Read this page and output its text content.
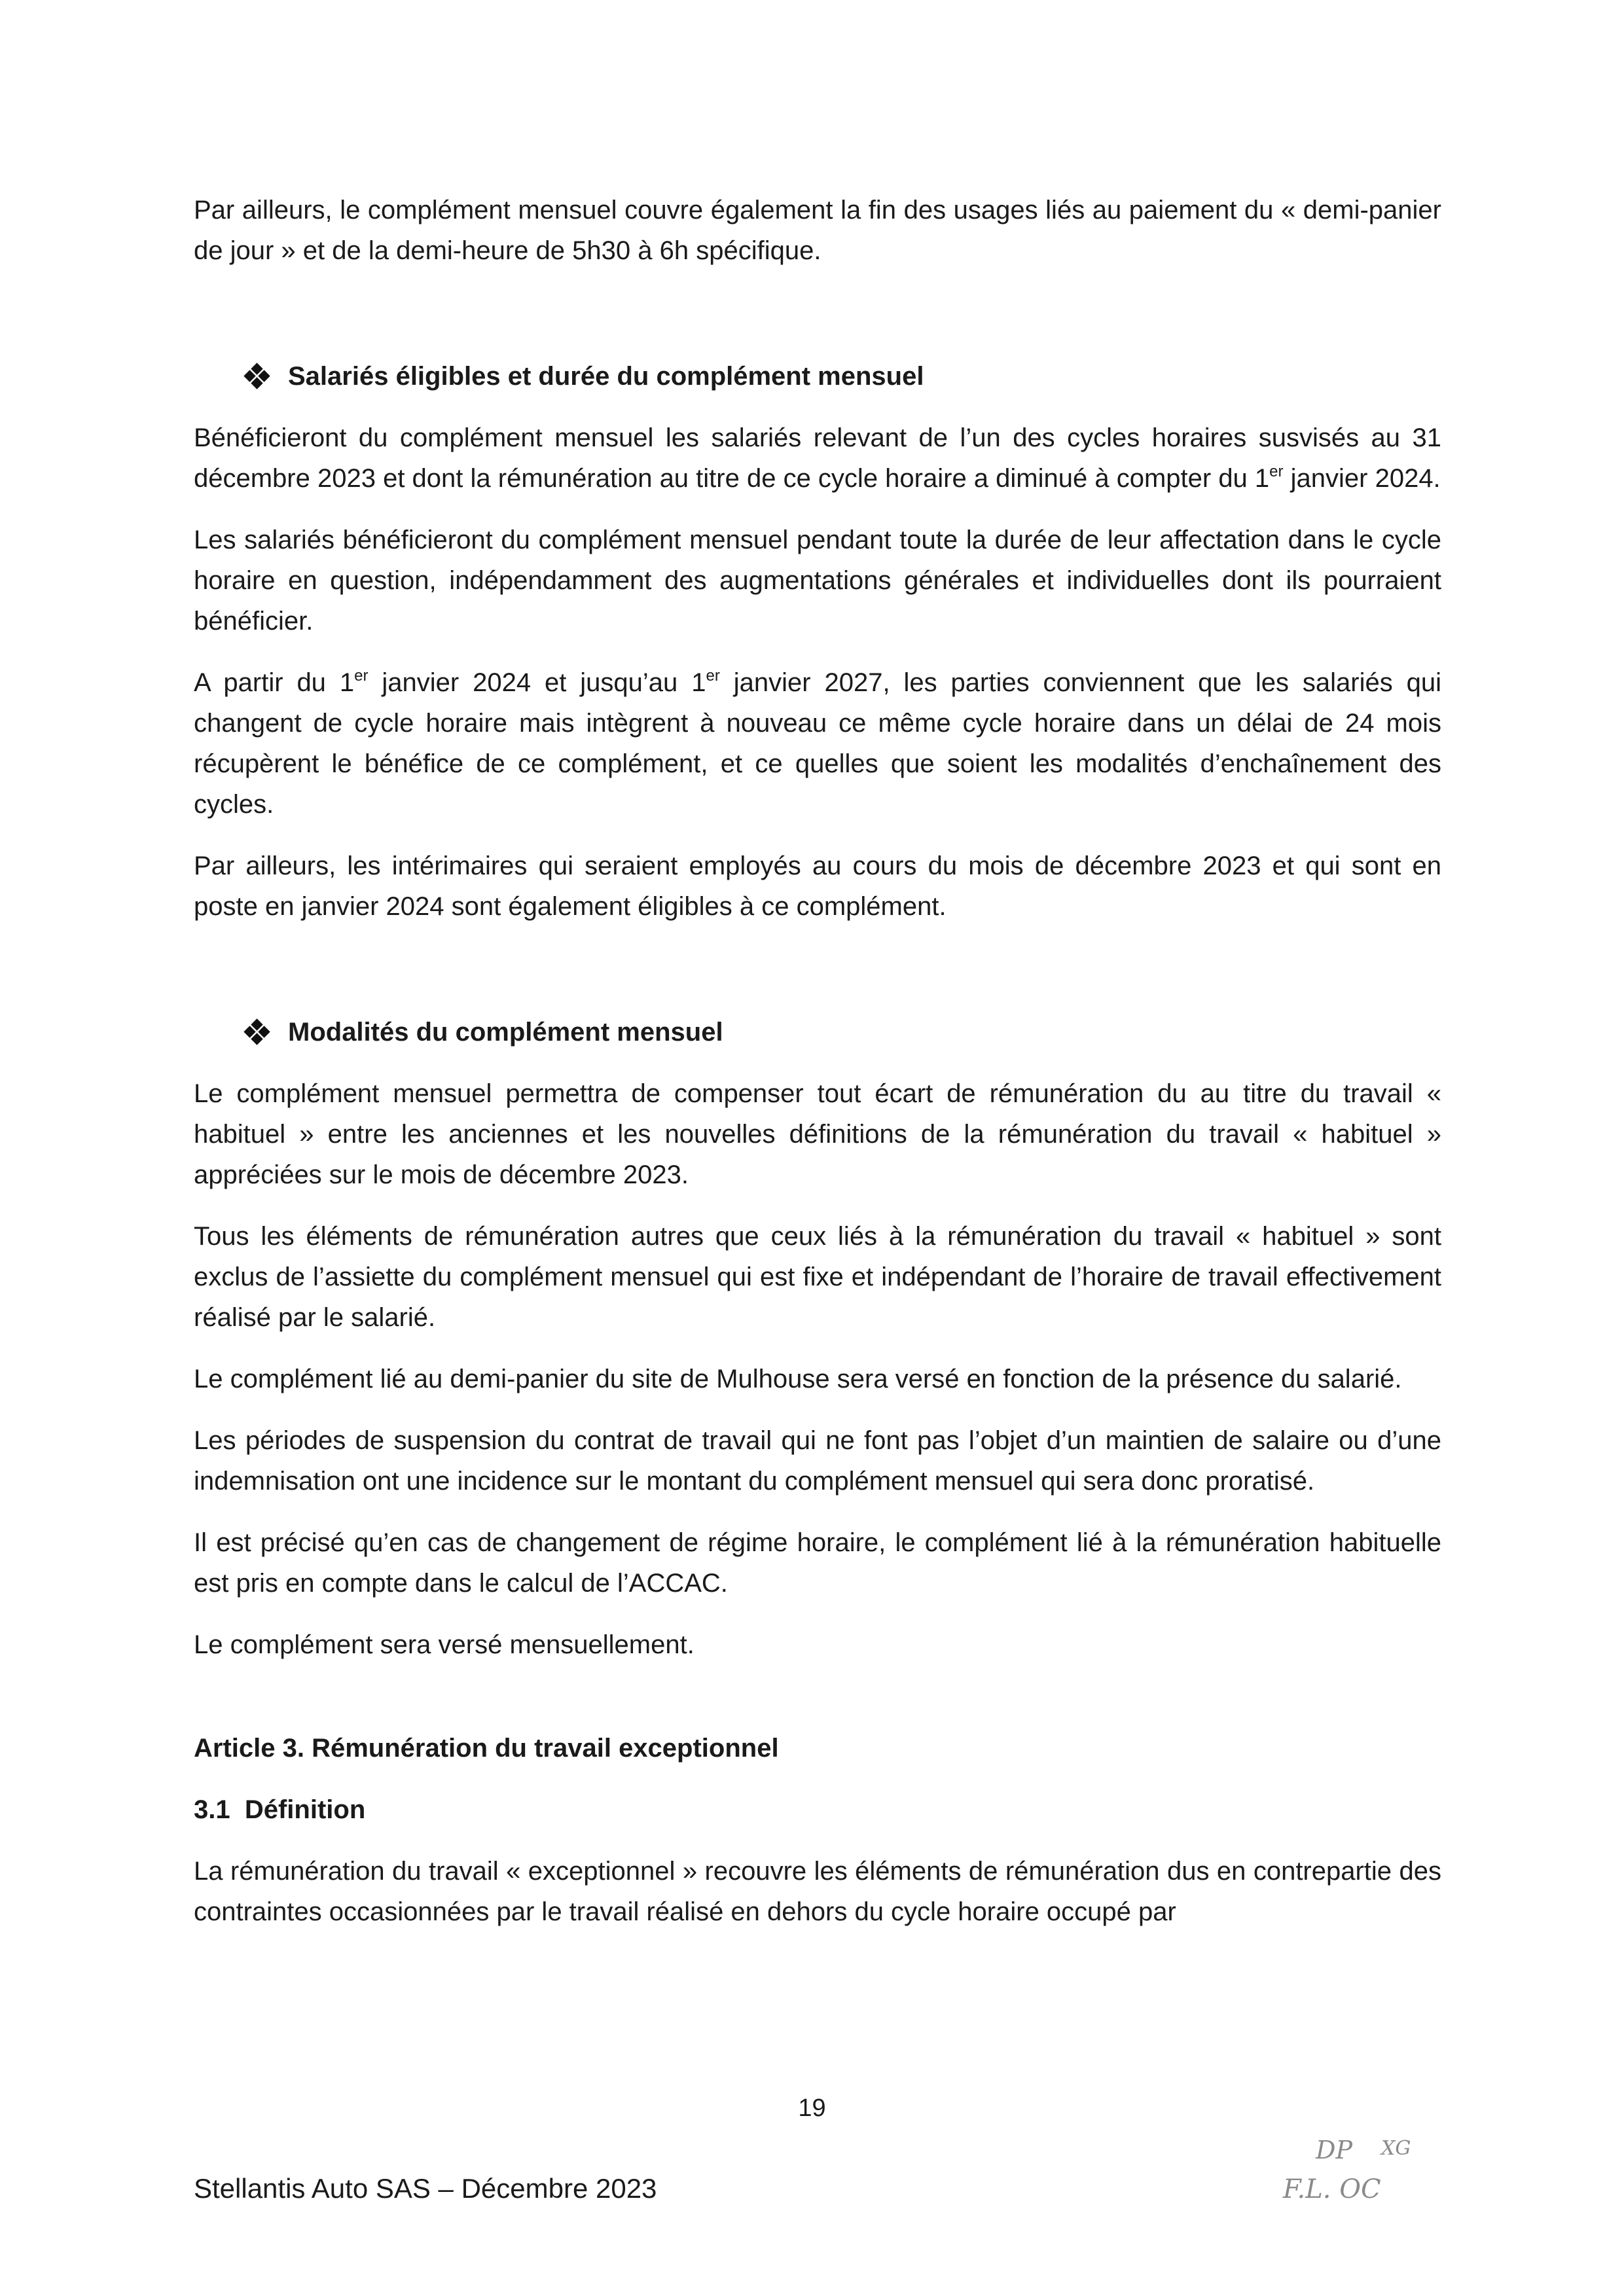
Par ailleurs, le complément mensuel couvre également la fin des usages liés au paiement du « demi-panier de jour » et de la demi-heure de 5h30 à 6h spécifique.

Salariés éligibles et durée du complément mensuel

Bénéficieront du complément mensuel les salariés relevant de l’un des cycles horaires susvisés au 31 décembre 2023 et dont la rémunération au titre de ce cycle horaire a diminué à compter du 1er janvier 2024.

Les salariés bénéficieront du complément mensuel pendant toute la durée de leur affectation dans le cycle horaire en question, indépendamment des augmentations générales et individuelles dont ils pourraient bénéficier.

A partir du 1er janvier 2024 et jusqu’au 1er janvier 2027, les parties conviennent que les salariés qui changent de cycle horaire mais intègrent à nouveau ce même cycle horaire dans un délai de 24 mois récupèrent le bénéfice de ce complément, et ce quelles que soient les modalités d’enchaînement des cycles.

Par ailleurs, les intérimaires qui seraient employés au cours du mois de décembre 2023 et qui sont en poste en janvier 2024 sont également éligibles à ce complément.

Modalités du complément mensuel

Le complément mensuel permettra de compenser tout écart de rémunération du au titre du travail « habituel » entre les anciennes et les nouvelles définitions de la rémunération du travail « habituel » appréciées sur le mois de décembre 2023.

Tous les éléments de rémunération autres que ceux liés à la rémunération du travail « habituel » sont exclus de l’assiette du complément mensuel qui est fixe et indépendant de l’horaire de travail effectivement réalisé par le salarié.

Le complément lié au demi-panier du site de Mulhouse sera versé en fonction de la présence du salarié.

Les périodes de suspension du contrat de travail qui ne font pas l’objet d’un maintien de salaire ou d’une indemnisation ont une incidence sur le montant du complément mensuel qui sera donc proratisé.

Il est précisé qu’en cas de changement de régime horaire, le complément lié à la rémunération habituelle est pris en compte dans le calcul de l’ACCAC.

Le complément sera versé mensuellement.

Article 3. Rémunération du travail exceptionnel

3.1  Définition

La rémunération du travail « exceptionnel » recouvre les éléments de rémunération dus en contrepartie des contraintes occasionnées par le travail réalisé en dehors du cycle horaire occupé par

19
DP XG
F.L. OC
Stellantis Auto SAS – Décembre 2023
